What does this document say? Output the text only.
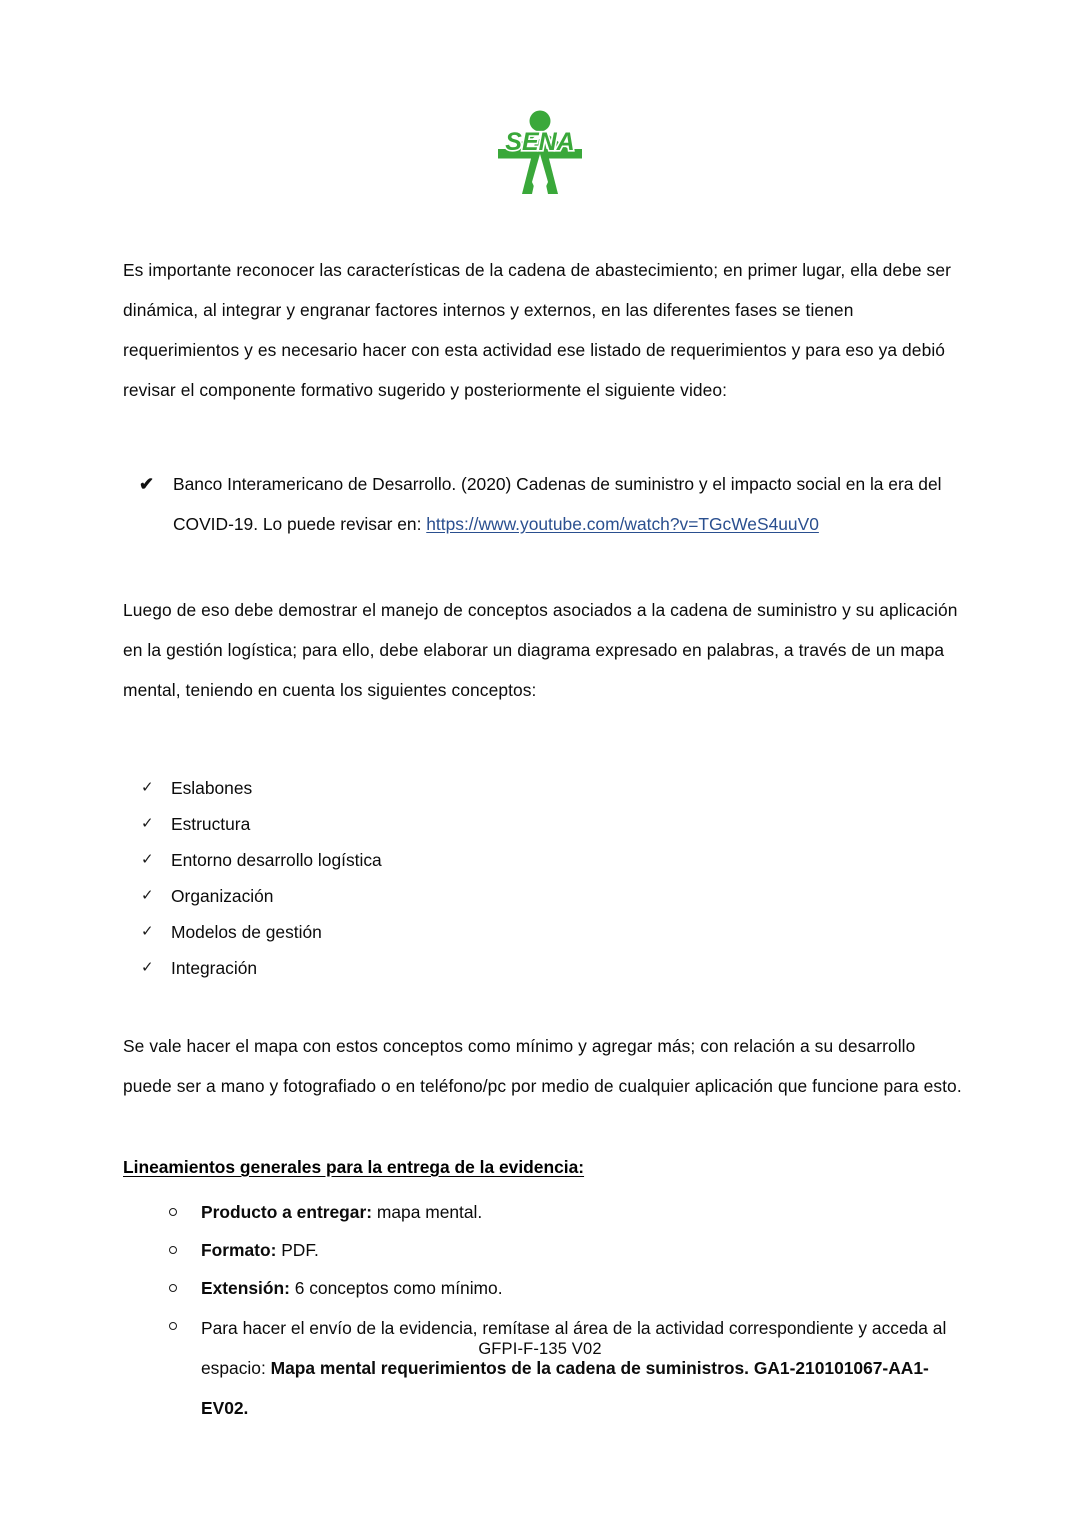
SENA

Es importante reconocer las características de la cadena de abastecimiento; en primer lugar, ella debe ser dinámica, al integrar y engranar factores internos y externos, en las diferentes fases se tienen requerimientos y es necesario hacer con esta actividad ese listado de requerimientos y para eso ya debió revisar el componente formativo sugerido y posteriormente el siguiente video:

✔ Banco Interamericano de Desarrollo. (2020) Cadenas de suministro y el impacto social en la era del COVID-19. Lo puede revisar en: https://www.youtube.com/watch?v=TGcWeS4uuV0

Luego de eso debe demostrar el manejo de conceptos asociados a la cadena de suministro y su aplicación en la gestión logística; para ello, debe elaborar un diagrama expresado en palabras, a través de un mapa mental, teniendo en cuenta los siguientes conceptos:

✓ Eslabones
✓ Estructura
✓ Entorno desarrollo logística
✓ Organización
✓ Modelos de gestión
✓ Integración

Se vale hacer el mapa con estos conceptos como mínimo y agregar más; con relación a su desarrollo puede ser a mano y fotografiado o en teléfono/pc por medio de cualquier aplicación que funcione para esto.

Lineamientos generales para la entrega de la evidencia:

Producto a entregar: mapa mental.
Formato: PDF.
Extensión: 6 conceptos como mínimo.
Para hacer el envío de la evidencia, remítase al área de la actividad correspondiente y acceda al espacio: Mapa mental requerimientos de la cadena de suministros. GA1-210101067-AA1-EV02.
GFPI-F-135 V02
